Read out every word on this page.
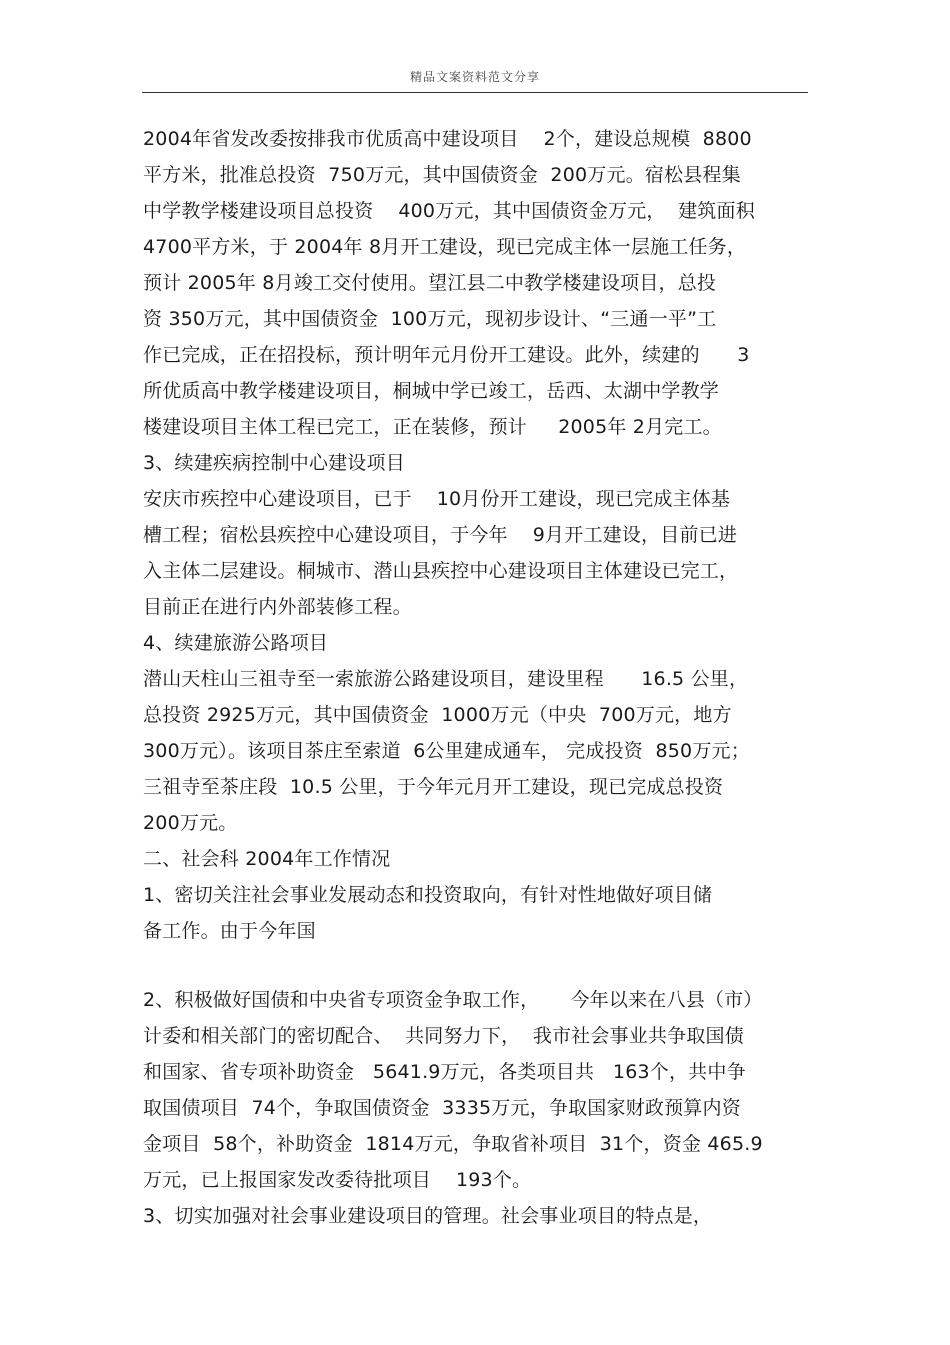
精品文案资料范文分享
2004年省发改委按排我市优质高中建设项目    2个，建设总规模  8800
平方米，批准总投资  750万元，其中国债资金  200万元。宿松县程集
中学教学楼建设项目总投资    400万元，其中国债资金万元，  建筑面积
4700平方米，于 2004年 8月开工建设，现已完成主体一层施工任务，
预计 2005年 8月竣工交付使用。望江县二中教学楼建设项目，总投
资 350万元，其中国债资金  100万元，现初步设计、“三通一平”工
作已完成，正在招投标，预计明年元月份开工建设。此外，续建的      3
所优质高中教学楼建设项目，桐城中学已竣工，岳西、太湖中学教学
楼建设项目主体工程已完工，正在装修，预计     2005年 2月完工。
3、续建疾病控制中心建设项目
安庆市疾控中心建设项目，已于    10月份开工建设，现已完成主体基
槽工程；宿松县疾控中心建设项目，于今年    9月开工建设，目前已进
入主体二层建设。桐城市、潜山县疾控中心建设项目主体建设已完工，
目前正在进行内外部装修工程。
4、续建旅游公路项目
潜山天柱山三祖寺至一索旅游公路建设项目，建设里程      16.5 公里，
总投资 2925万元，其中国债资金  1000万元（中央  700万元，地方
300万元）。该项目茶庄至索道  6公里建成通车， 完成投资  850万元；
三祖寺至茶庄段  10.5 公里，于今年元月开工建设，现已完成总投资
200万元。
二、社会科 2004年工作情况
1、密切关注社会事业发展动态和投资取向，有针对性地做好项目储
备工作。由于今年国
2、积极做好国债和中央省专项资金争取工作，     今年以来在八县（市）
计委和相关部门的密切配合、  共同努力下，  我市社会事业共争取国债
和国家、省专项补助资金   5641.9万元，各类项目共   163个，共中争
取国债项目  74个，争取国债资金  3335万元，争取国家财政预算内资
金项目  58个，补助资金  1814万元，争取省补项目  31个，资金 465.9
万元，已上报国家发改委待批项目    193个。
3、切实加强对社会事业建设项目的管理。社会事业项目的特点是，
